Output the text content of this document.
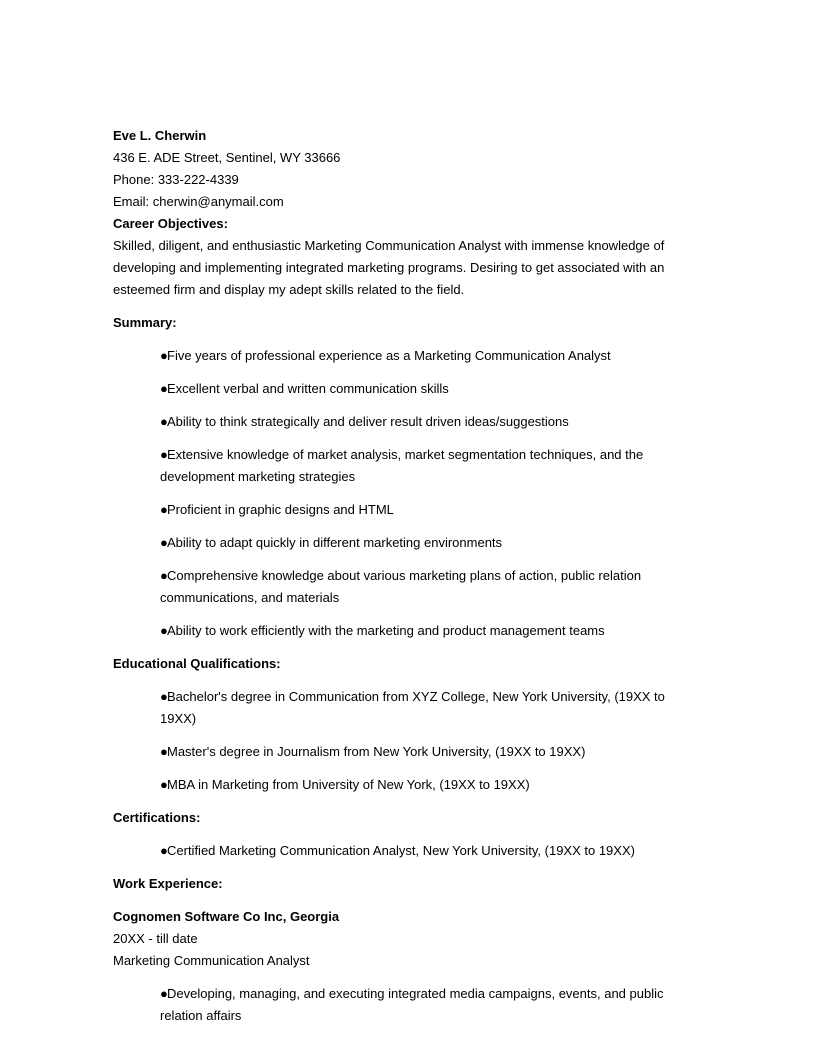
Eve L. Cherwin

436 E. ADE Street, Sentinel, WY 33666

Phone: 333-222-4339

Email: cherwin@anymail.com

Career Objectives:

Skilled, diligent, and enthusiastic Marketing Communication Analyst with immense knowledge of developing and implementing integrated marketing programs. Desiring to get associated with an esteemed firm and display my adept skills related to the field.

Summary:

●Five years of professional experience as a Marketing Communication Analyst
●Excellent verbal and written communication skills
●Ability to think strategically and deliver result driven ideas/suggestions
●Extensive knowledge of market analysis, market segmentation techniques, and the development marketing strategies
●Proficient in graphic designs and HTML
●Ability to adapt quickly in different marketing environments
●Comprehensive knowledge about various marketing plans of action, public relation communications, and materials
●Ability to work efficiently with the marketing and product management teams

Educational Qualifications:

●Bachelor's degree in Communication from XYZ College, New York University, (19XX to 19XX)
●Master's degree in Journalism from New York University, (19XX to 19XX)
●MBA in Marketing from University of New York, (19XX to 19XX)

Certifications:

●Certified Marketing Communication Analyst, New York University, (19XX to 19XX)

Work Experience:

Cognomen Software Co Inc, Georgia

20XX - till date

Marketing Communication Analyst

●Developing, managing, and executing integrated media campaigns, events, and public relation affairs
